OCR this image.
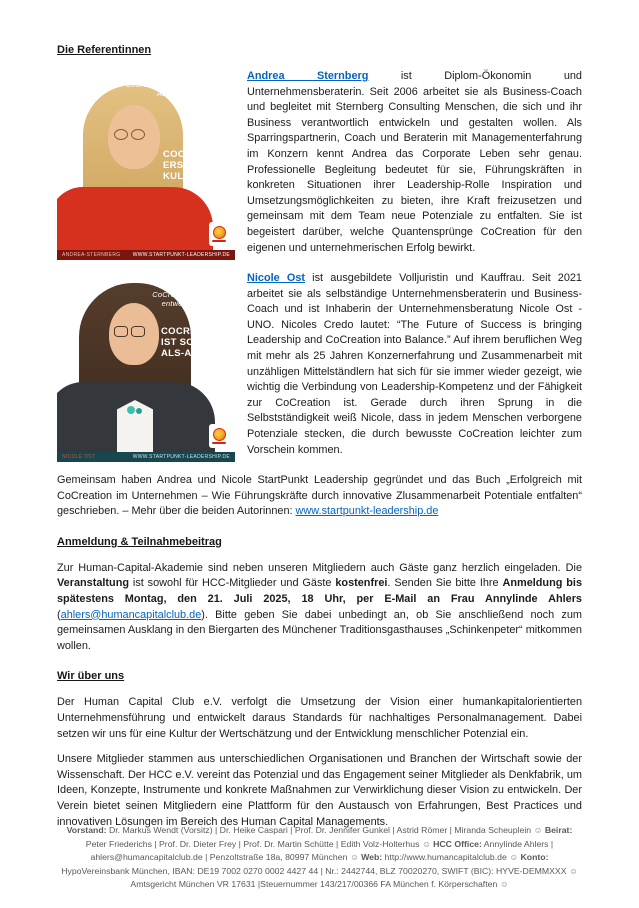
Die Referentinnen
CoCreation verbindet Inneres & Äußeres und
COCREATION ERSCHAFFT KULTUR.
ANDREA-STERNBERG WWW.STARTPUNKT-LEADERSHIP.DE

Andrea Sternberg ist Diplom-Ökonomin und Unternehmensberaterin. Seit 2006 arbeitet sie als Business-Coach und begleitet mit Sternberg Consulting Menschen, die sich und ihr Business verantwortlich entwickeln und gestalten wollen. Als Sparringspartnerin, Coach und Beraterin mit Managementerfahrung im Konzern kennt Andrea das Corporate Leben sehr genau. Professionelle Begleitung bedeutet für sie, Führungskräften in konkreten Situationen ihrer Leadership-Rolle Inspiration und Umsetzungsmöglichkeiten zu bieten, ihre Kraft freizusetzen und gemeinsam mit dem Team neue Potenziale zu entfalten. Sie ist begeistert darüber, welche Quantensprünge CoCreation für den eigenen und unternehmerischen Erfolg bewirkt.

CoCreation ist nicht entweder-oder
COCREATION IST SOWOHL-ALS-AUCH
NICOLE OST	WWW.STARTPUNKT-LEADERSHIP.DE

Nicole Ost ist ausgebildete Volljuristin und Kauffrau. Seit 2021 arbeitet sie als selbständige Unternehmensberaterin und Business-Coach und ist Inhaberin der Unternehmensberatung Nicole Ost - UNO. Nicoles Credo lautet: “The Future of Success is bringing Leadership and CoCreation into Balance.” Auf ihrem beruflichen Weg mit mehr als 25 Jahren Konzernerfahrung und Zusammenarbeit mit unzähligen Mittelständlern hat sich für sie immer wieder gezeigt, wie wichtig die Verbindung von Leadership-Kompetenz und der Fähigkeit zur CoCreation ist. Gerade durch ihren Sprung in die Selbstständigkeit weiß Nicole, dass in jedem Menschen verborgene Potenziale stecken, die durch bewusste CoCreation leichter zum Vorschein kommen.

Gemeinsam haben Andrea und Nicole StartPunkt Leadership gegründet und das Buch „Erfolgreich mit CoCreation im Unternehmen – Wie Führungskräfte durch innovative Zlusammenarbeit Potentiale entfalten“ geschrieben. – Mehr über die beiden Autorinnen: www.startpunkt-leadership.de

Anmeldung & Teilnahmebeitrag

Zur Human-Capital-Akademie sind neben unseren Mitgliedern auch Gäste ganz herzlich eingeladen. Die Veranstaltung ist sowohl für HCC-Mitglieder und Gäste kostenfrei. Senden Sie bitte Ihre Anmeldung bis spätestens Montag, den 21. Juli 2025, 18 Uhr, per E-Mail an Frau Annylinde Ahlers (ahlers@humancapitalclub.de). Bitte geben Sie dabei unbedingt an, ob Sie anschließend noch zum gemeinsamen Ausklang in den Biergarten des Münchener Traditionsgasthauses „Schinkenpeter“ mitkommen wollen.

Wir über uns

Der Human Capital Club e.V. verfolgt die Umsetzung der Vision einer humankapitalorientierten Unternehmensführung und entwickelt daraus Standards für nachhaltiges Personalmanagement. Dabei setzen wir uns für eine Kultur der Wertschätzung und der Entwicklung menschlicher Potenzial ein.

Unsere Mitglieder stammen aus unterschiedlichen Organisationen und Branchen der Wirtschaft sowie der Wissenschaft. Der HCC e.V. vereint das Potenzial und das Engagement seiner Mitglieder als Denkfabrik, um Ideen, Konzepte, Instrumente und konkrete Maßnahmen zur Verwirklichung dieser Vision zu entwickeln. Der Verein bietet seinen Mitgliedern eine Plattform für den Austausch von Erfahrungen, Best Practices und innovativen Lösungen im Bereich des Human Capital Managements.

Vorstand: Dr. Markus Wendt (Vorsitz) | Dr. Heike Caspari | Prof. Dr. Jennifer Gunkel | Astrid Römer | Miranda Scheuplein ☺ Beirat: Peter Friederichs | Prof. Dr. Dieter Frey | Prof. Dr. Martin Schütte | Edith Volz-Holterhus ☺ HCC Office: Annylinde Ahlers | ahlers@humancapitalclub.de | Penzoltstraße 18a, 80997 München ☺ Web: http://www.humancapitalclub.de ☺ Konto: HypoVereinsbank München, IBAN: DE19 7002 0270 0002 4427 44 | Nr.: 2442744, BLZ 70020270, SWIFT (BIC): HYVE-DEMMXXX ☺ Amtsgericht München VR 17631 |Steuernummer 143/217/00366 FA München f. Körperschaften ☺
